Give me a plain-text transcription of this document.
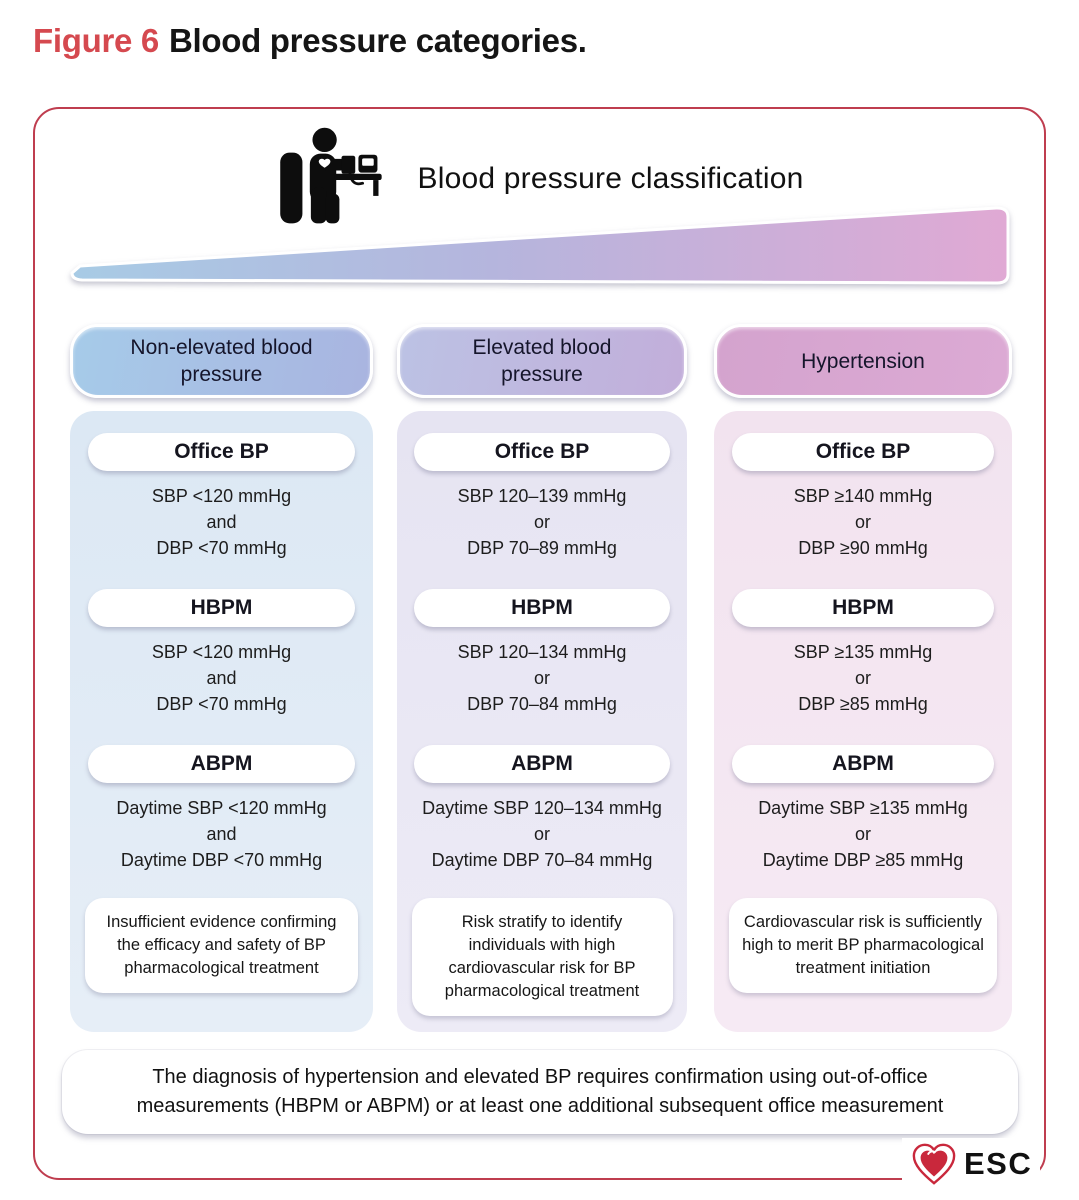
Figure 6 Blood pressure categories.
Blood pressure classification
Non-elevated blood pressure
Office BP
SBP <120 mmHg
and
DBP <70 mmHg
HBPM
SBP <120 mmHg
and
DBP <70 mmHg
ABPM
Daytime SBP <120 mmHg
and
Daytime DBP <70 mmHg
Insufficient evidence confirming the efficacy and safety of BP pharmacological treatment
Elevated blood pressure
Office BP
SBP 120–139 mmHg
or
DBP 70–89 mmHg
HBPM
SBP 120–134 mmHg
or
DBP 70–84 mmHg
ABPM
Daytime SBP 120–134 mmHg
or
Daytime DBP 70–84 mmHg
Risk stratify to identify individuals with high cardiovascular risk for BP pharmacological treatment
Hypertension
Office BP
SBP ≥140 mmHg
or
DBP ≥90 mmHg
HBPM
SBP ≥135 mmHg
or
DBP ≥85 mmHg
ABPM
Daytime SBP ≥135 mmHg
or
Daytime DBP ≥85 mmHg
Cardiovascular risk is sufficiently high to merit BP pharmacological treatment initiation
The diagnosis of hypertension and elevated BP requires confirmation using out-of-office
measurements (HBPM or ABPM) or at least one additional subsequent office measurement
ESC
